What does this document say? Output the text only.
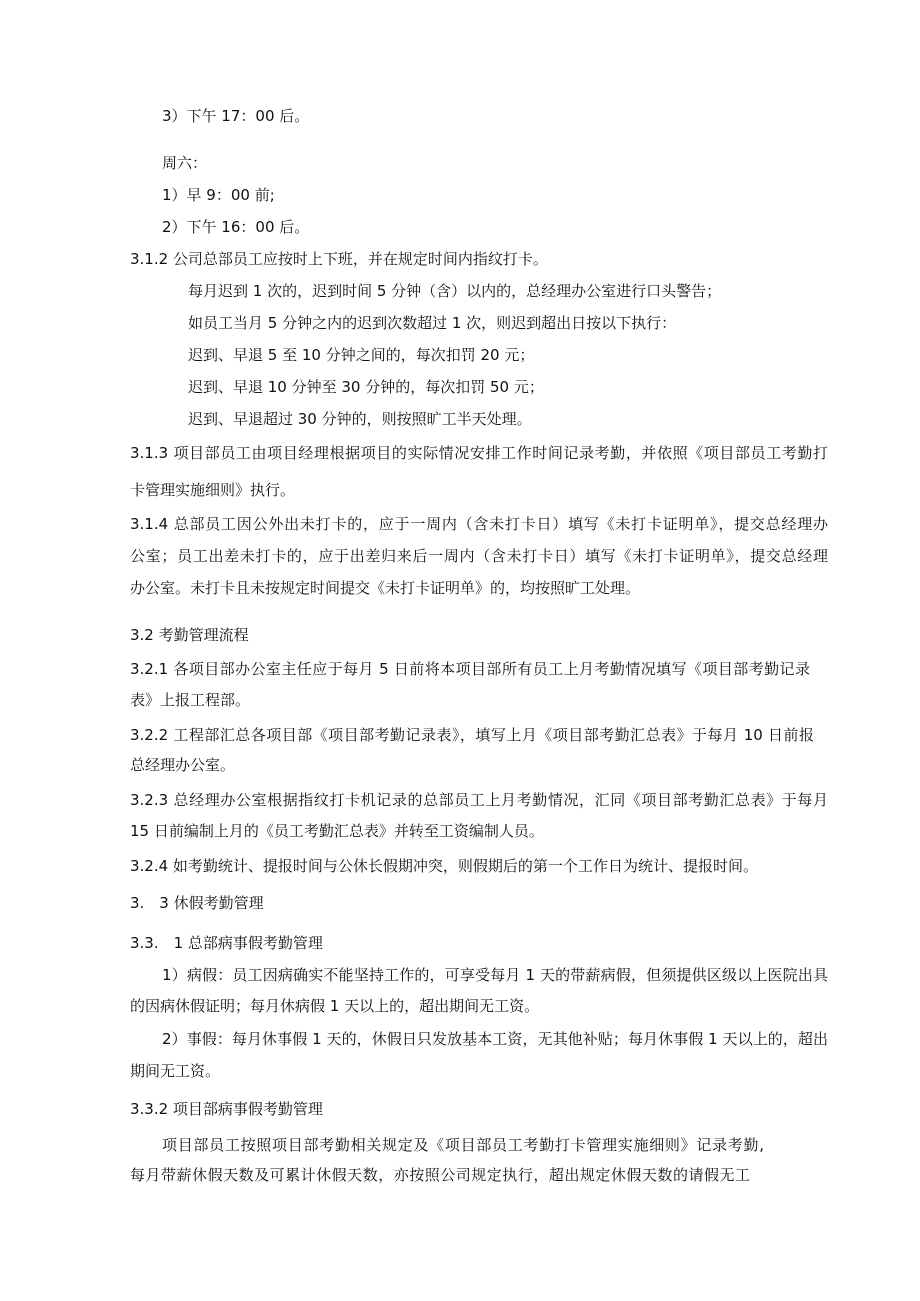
3）下午 17：00 后。
周六：
1）早 9：00 前;
2）下午 16：00 后。
3.1.2 公司总部员工应按时上下班，并在规定时间内指纹打卡。
每月迟到 1 次的，迟到时间 5 分钟（含）以内的，总经理办公室进行口头警告；
如员工当月 5 分钟之内的迟到次数超过 1 次，则迟到超出日按以下执行：
迟到、早退 5 至 10 分钟之间的，每次扣罚 20 元；
迟到、早退 10 分钟至 30 分钟的，每次扣罚 50 元；
迟到、早退超过 30 分钟的，则按照旷工半天处理。
3.1.3 项目部员工由项目经理根据项目的实际情况安排工作时间记录考勤，并依照《项目部员工考勤打
卡管理实施细则》执行。
3.1.4 总部员工因公外出未打卡的，应于一周内（含未打卡日）填写《未打卡证明单》，提交总经理办
公室；员工出差未打卡的，应于出差归来后一周内（含未打卡日）填写《未打卡证明单》，提交总经理
办公室。未打卡且未按规定时间提交《未打卡证明单》的，均按照旷工处理。
3.2 考勤管理流程
3.2.1 各项目部办公室主任应于每月 5 日前将本项目部所有员工上月考勤情况填写《项目部考勤记录
表》上报工程部。
3.2.2 工程部汇总各项目部《项目部考勤记录表》，填写上月《项目部考勤汇总表》于每月 10 日前报
总经理办公室。
3.2.3 总经理办公室根据指纹打卡机记录的总部员工上月考勤情况，汇同《项目部考勤汇总表》于每月
15 日前编制上月的《员工考勤汇总表》并转至工资编制人员。
3.2.4 如考勤统计、提报时间与公休长假期冲突，则假期后的第一个工作日为统计、提报时间。
3.　3 休假考勤管理
3.3.　1 总部病事假考勤管理
1）病假：员工因病确实不能坚持工作的，可享受每月 1 天的带薪病假，但须提供区级以上医院出具
的因病休假证明；每月休病假 1 天以上的，超出期间无工资。
2）事假：每月休事假 1 天的，休假日只发放基本工资，无其他补贴；每月休事假 1 天以上的，超出
期间无工资。
3.3.2 项目部病事假考勤管理
项目部员工按照项目部考勤相关规定及《项目部员工考勤打卡管理实施细则》记录考勤,
每月带薪休假天数及可累计休假天数，亦按照公司规定执行，超出规定休假天数的请假无工
